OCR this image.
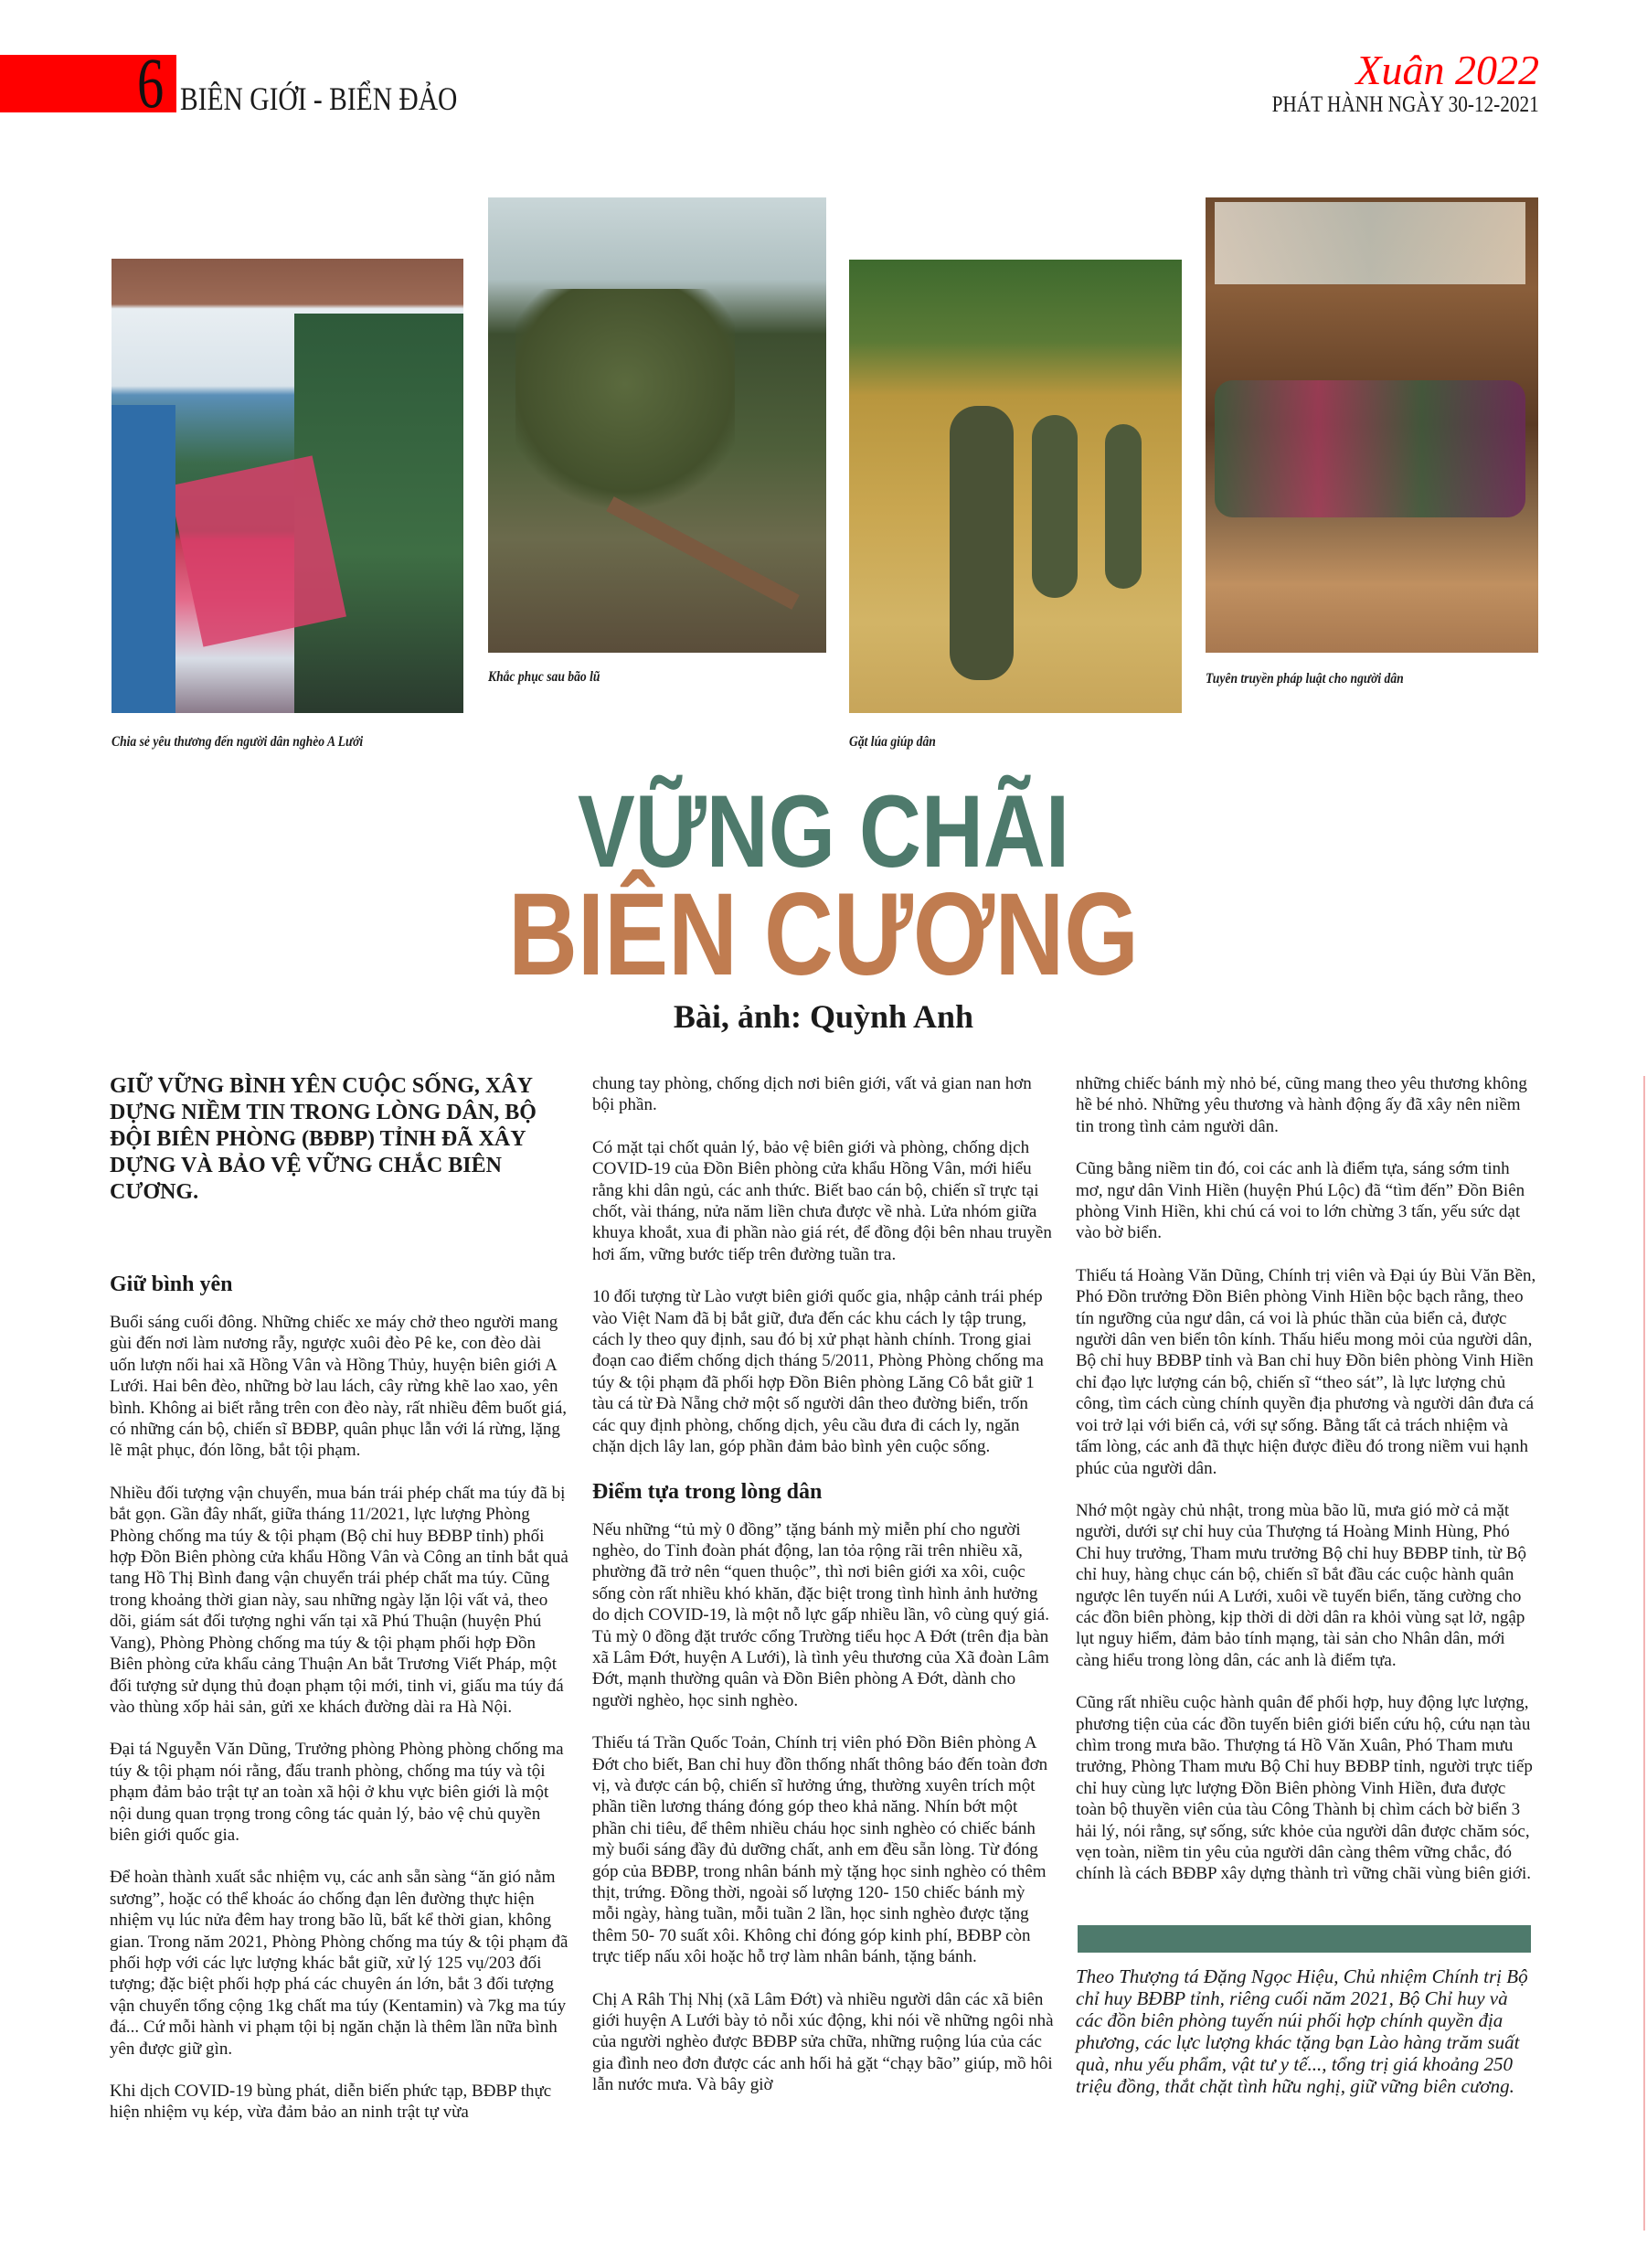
6 BIÊN GIỚI - BIỂN ĐẢO
Xuân 2022
PHÁT HÀNH NGÀY 30-12-2021
Chia sẻ yêu thương đến người dân nghèo A Lưới
Khắc phục sau bão lũ
Gặt lúa giúp dân
Tuyên truyền pháp luật cho người dân
VỮNG CHÃI
BIÊN CƯƠNG
Bài, ảnh: Quỳnh Anh
GIỮ VỮNG BÌNH YÊN CUỘC SỐNG, XÂY DỰNG NIỀM TIN TRONG LÒNG DÂN, BỘ ĐỘI BIÊN PHÒNG (BĐBP) TỈNH ĐÃ XÂY DỰNG VÀ BẢO VỆ VỮNG CHẮC BIÊN CƯƠNG.
Giữ bình yên

Buổi sáng cuối đông. Những chiếc xe máy chở theo người mang gùi đến nơi làm nương rẫy, ngược xuôi đèo Pê ke, con đèo dài uốn lượn nối hai xã Hồng Vân và Hồng Thủy, huyện biên giới A Lưới. Hai bên đèo, những bờ lau lách, cây rừng khẽ lao xao, yên bình. Không ai biết rằng trên con đèo này, rất nhiều đêm buốt giá, có những cán bộ, chiến sĩ BĐBP, quân phục lẫn với lá rừng, lặng lẽ mật phục, đón lõng, bắt tội phạm.

Nhiều đối tượng vận chuyển, mua bán trái phép chất ma túy đã bị bắt gọn. Gần đây nhất, giữa tháng 11/2021, lực lượng Phòng Phòng chống ma túy & tội phạm (Bộ chỉ huy BĐBP tỉnh) phối hợp Đồn Biên phòng cửa khẩu Hồng Vân và Công an tỉnh bắt quả tang Hồ Thị Bình đang vận chuyển trái phép chất ma túy. Cũng trong khoảng thời gian này, sau những ngày lặn lội vất vả, theo dõi, giám sát đối tượng nghi vấn tại xã Phú Thuận (huyện Phú Vang), Phòng Phòng chống ma túy & tội phạm phối hợp Đồn Biên phòng cửa khẩu cảng Thuận An bắt Trương Viết Pháp, một đối tượng sử dụng thủ đoạn phạm tội mới, tinh vi, giấu ma túy đá vào thùng xốp hải sản, gửi xe khách đường dài ra Hà Nội.

Đại tá Nguyễn Văn Dũng, Trưởng phòng Phòng phòng chống ma túy & tội phạm nói rằng, đấu tranh phòng, chống ma túy và tội phạm đảm bảo trật tự an toàn xã hội ở khu vực biên giới là một nội dung quan trọng trong công tác quản lý, bảo vệ chủ quyền biên giới quốc gia.

Để hoàn thành xuất sắc nhiệm vụ, các anh sẵn sàng “ăn gió nằm sương”, hoặc có thể khoác áo chống đạn lên đường thực hiện nhiệm vụ lúc nửa đêm hay trong bão lũ, bất kể thời gian, không gian. Trong năm 2021, Phòng Phòng chống ma túy & tội phạm đã phối hợp với các lực lượng khác bắt giữ, xử lý 125 vụ/203 đối tượng; đặc biệt phối hợp phá các chuyên án lớn, bắt 3 đối tượng vận chuyển tổng cộng 1kg chất ma túy (Kentamin) và 7kg ma túy đá... Cứ mỗi hành vi phạm tội bị ngăn chặn là thêm lần nữa bình yên được giữ gìn.

Khi dịch COVID-19 bùng phát, diễn biến phức tạp, BĐBP thực hiện nhiệm vụ kép, vừa đảm bảo an ninh trật tự vừa

chung tay phòng, chống dịch nơi biên giới, vất vả gian nan hơn bội phần.

Có mặt tại chốt quản lý, bảo vệ biên giới và phòng, chống dịch COVID-19 của Đồn Biên phòng cửa khẩu Hồng Vân, mới hiểu rằng khi dân ngủ, các anh thức. Biết bao cán bộ, chiến sĩ trực tại chốt, vài tháng, nửa năm liền chưa được về nhà. Lửa nhóm giữa khuya khoắt, xua đi phần nào giá rét, để đồng đội bên nhau truyền hơi ấm, vững bước tiếp trên đường tuần tra.

10 đối tượng từ Lào vượt biên giới quốc gia, nhập cảnh trái phép vào Việt Nam đã bị bắt giữ, đưa đến các khu cách ly tập trung, cách ly theo quy định, sau đó bị xử phạt hành chính. Trong giai đoạn cao điểm chống dịch tháng 5/2011, Phòng Phòng chống ma túy & tội phạm đã phối hợp Đồn Biên phòng Lăng Cô bắt giữ 1 tàu cá từ Đà Nẵng chở một số người dân theo đường biển, trốn các quy định phòng, chống dịch, yêu cầu đưa đi cách ly, ngăn chặn dịch lây lan, góp phần đảm bảo bình yên cuộc sống.

Điểm tựa trong lòng dân

Nếu những “tủ mỳ 0 đồng” tặng bánh mỳ miễn phí cho người nghèo, do Tỉnh đoàn phát động, lan tỏa rộng rãi trên nhiều xã, phường đã trở nên “quen thuộc”, thì nơi biên giới xa xôi, cuộc sống còn rất nhiều khó khăn, đặc biệt trong tình hình ảnh hưởng do dịch COVID-19, là một nỗ lực gấp nhiều lần, vô cùng quý giá. Tủ mỳ 0 đồng đặt trước cổng Trường tiểu học A Đớt (trên địa bàn xã Lâm Đớt, huyện A Lưới), là tình yêu thương của Xã đoàn Lâm Đớt, mạnh thường quân và Đồn Biên phòng A Đớt, dành cho người nghèo, học sinh nghèo.

Thiếu tá Trần Quốc Toản, Chính trị viên phó Đồn Biên phòng A Đớt cho biết, Ban chỉ huy đồn thống nhất thông báo đến toàn đơn vị, và được cán bộ, chiến sĩ hưởng ứng, thường xuyên trích một phần tiền lương tháng đóng góp theo khả năng. Nhín bớt một phần chi tiêu, để thêm nhiều cháu học sinh nghèo có chiếc bánh mỳ buổi sáng đầy đủ dưỡng chất, anh em đều sẵn lòng. Từ đóng góp của BĐBP, trong nhân bánh mỳ tặng học sinh nghèo có thêm thịt, trứng. Đồng thời, ngoài số lượng 120- 150 chiếc bánh mỳ mỗi ngày, hàng tuần, mỗi tuần 2 lần, học sinh nghèo được tặng thêm 50- 70 suất xôi. Không chỉ đóng góp kinh phí, BĐBP còn trực tiếp nấu xôi hoặc hỗ trợ làm nhân bánh, tặng bánh.

Chị A Râh Thị Nhị (xã Lâm Đớt) và nhiều người dân các xã biên giới huyện A Lưới bày tỏ nỗi xúc động, khi nói về những ngôi nhà của người nghèo được BĐBP sửa chữa, những ruộng lúa của các gia đình neo đơn được các anh hối hả gặt “chạy bão” giúp, mồ hôi lẫn nước mưa. Và bây giờ

những chiếc bánh mỳ nhỏ bé, cũng mang theo yêu thương không hề bé nhỏ. Những yêu thương và hành động ấy đã xây nên niềm tin trong tình cảm người dân.

Cũng bằng niềm tin đó, coi các anh là điểm tựa, sáng sớm tinh mơ, ngư dân Vinh Hiền (huyện Phú Lộc) đã “tìm đến” Đồn Biên phòng Vinh Hiền, khi chú cá voi to lớn chừng 3 tấn, yếu sức dạt vào bờ biển.

Thiếu tá Hoàng Văn Dũng, Chính trị viên và Đại úy Bùi Văn Bền, Phó Đồn trưởng Đồn Biên phòng Vinh Hiền bộc bạch rằng, theo tín ngưỡng của ngư dân, cá voi là phúc thần của biển cả, được người dân ven biển tôn kính. Thấu hiểu mong mỏi của người dân, Bộ chỉ huy BĐBP tỉnh và Ban chỉ huy Đồn biên phòng Vinh Hiền chỉ đạo lực lượng cán bộ, chiến sĩ “theo sát”, là lực lượng chủ công, tìm cách cùng chính quyền địa phương và người dân đưa cá voi trở lại với biển cả, với sự sống. Bằng tất cả trách nhiệm và tấm lòng, các anh đã thực hiện được điều đó trong niềm vui hạnh phúc của người dân.

Nhớ một ngày chủ nhật, trong mùa bão lũ, mưa gió mờ cả mặt người, dưới sự chỉ huy của Thượng tá Hoàng Minh Hùng, Phó Chỉ huy trưởng, Tham mưu trưởng Bộ chỉ huy BĐBP tỉnh, từ Bộ chỉ huy, hàng chục cán bộ, chiến sĩ bắt đầu các cuộc hành quân ngược lên tuyến núi A Lưới, xuôi về tuyến biển, tăng cường cho các đồn biên phòng, kịp thời di dời dân ra khỏi vùng sạt lở, ngập lụt nguy hiểm, đảm bảo tính mạng, tài sản cho Nhân dân, mới càng hiểu trong lòng dân, các anh là điểm tựa.

Cũng rất nhiều cuộc hành quân để phối hợp, huy động lực lượng, phương tiện của các đồn tuyến biên giới biển cứu hộ, cứu nạn tàu chìm trong mưa bão. Thượng tá Hồ Văn Xuân, Phó Tham mưu trưởng, Phòng Tham mưu Bộ Chỉ huy BĐBP tỉnh, người trực tiếp chỉ huy cùng lực lượng Đồn Biên phòng Vinh Hiền, đưa được toàn bộ thuyền viên của tàu Công Thành bị chìm cách bờ biển 3 hải lý, nói rằng, sự sống, sức khỏe của người dân được chăm sóc, vẹn toàn, niềm tin yêu của người dân càng thêm vững chắc, đó chính là cách BĐBP xây dựng thành trì vững chãi vùng biên giới.

Theo Thượng tá Đặng Ngọc Hiệu, Chủ nhiệm Chính trị Bộ chỉ huy BĐBP tỉnh, riêng cuối năm 2021, Bộ Chỉ huy và các đồn biên phòng tuyến núi phối hợp chính quyền địa phương, các lực lượng khác tặng bạn Lào hàng trăm suất quà, nhu yếu phẩm, vật tư y tế..., tổng trị giá khoảng 250 triệu đồng, thắt chặt tình hữu nghị, giữ vững biên cương.
